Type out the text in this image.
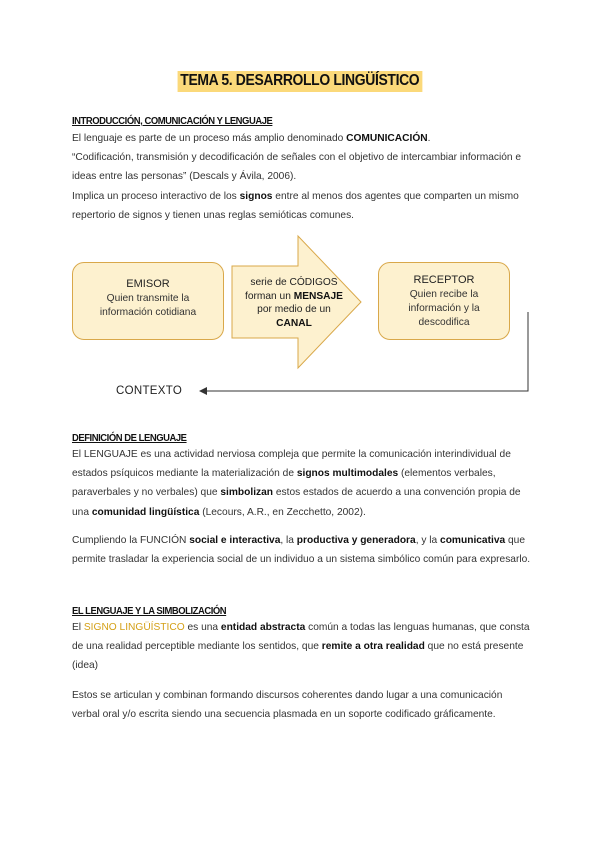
TEMA 5. DESARROLLO LINGÜÍSTICO
INTRODUCCIÓN, COMUNICACIÓN Y LENGUAJE
El lenguaje es parte de un proceso más amplio denominado COMUNICACIÓN.
“Codificación, transmisión y decodificación de señales con el objetivo de intercambiar información e ideas entre las personas” (Descals y Ávila, 2006).
Implica un proceso interactivo de los signos entre al menos dos agentes que comparten un mismo repertorio de signos y tienen unas reglas semióticas comunes.
EMISOR
Quien transmite la información cotidiana
serie de CÓDIGOS
forman un MENSAJE
por medio de un
CANAL
RECEPTOR
Quien recibe la información y la descodifica
CONTEXTO
DEFINICIÓN DE LENGUAJE
El LENGUAJE es una actividad nerviosa compleja que permite la comunicación interindividual de estados psíquicos mediante la materialización de signos multimodales (elementos verbales, paraverbales y no verbales) que simbolizan estos estados de acuerdo a una convención propia de una comunidad lingüística (Lecours, A.R., en Zecchetto, 2002).
Cumpliendo la FUNCIÓN social e interactiva, la productiva y generadora, y la comunicativa que permite trasladar la experiencia social de un individuo a un sistema simbólico común para expresarlo.
EL LENGUAJE Y LA SIMBOLIZACIÓN
El SIGNO LINGÜÍSTICO es una entidad abstracta común a todas las lenguas humanas, que consta de una realidad perceptible mediante los sentidos, que remite a otra realidad que no está presente (idea)
Estos se articulan y combinan formando discursos coherentes dando lugar a una comunicación verbal oral y/o escrita siendo una secuencia plasmada en un soporte codificado gráficamente.
